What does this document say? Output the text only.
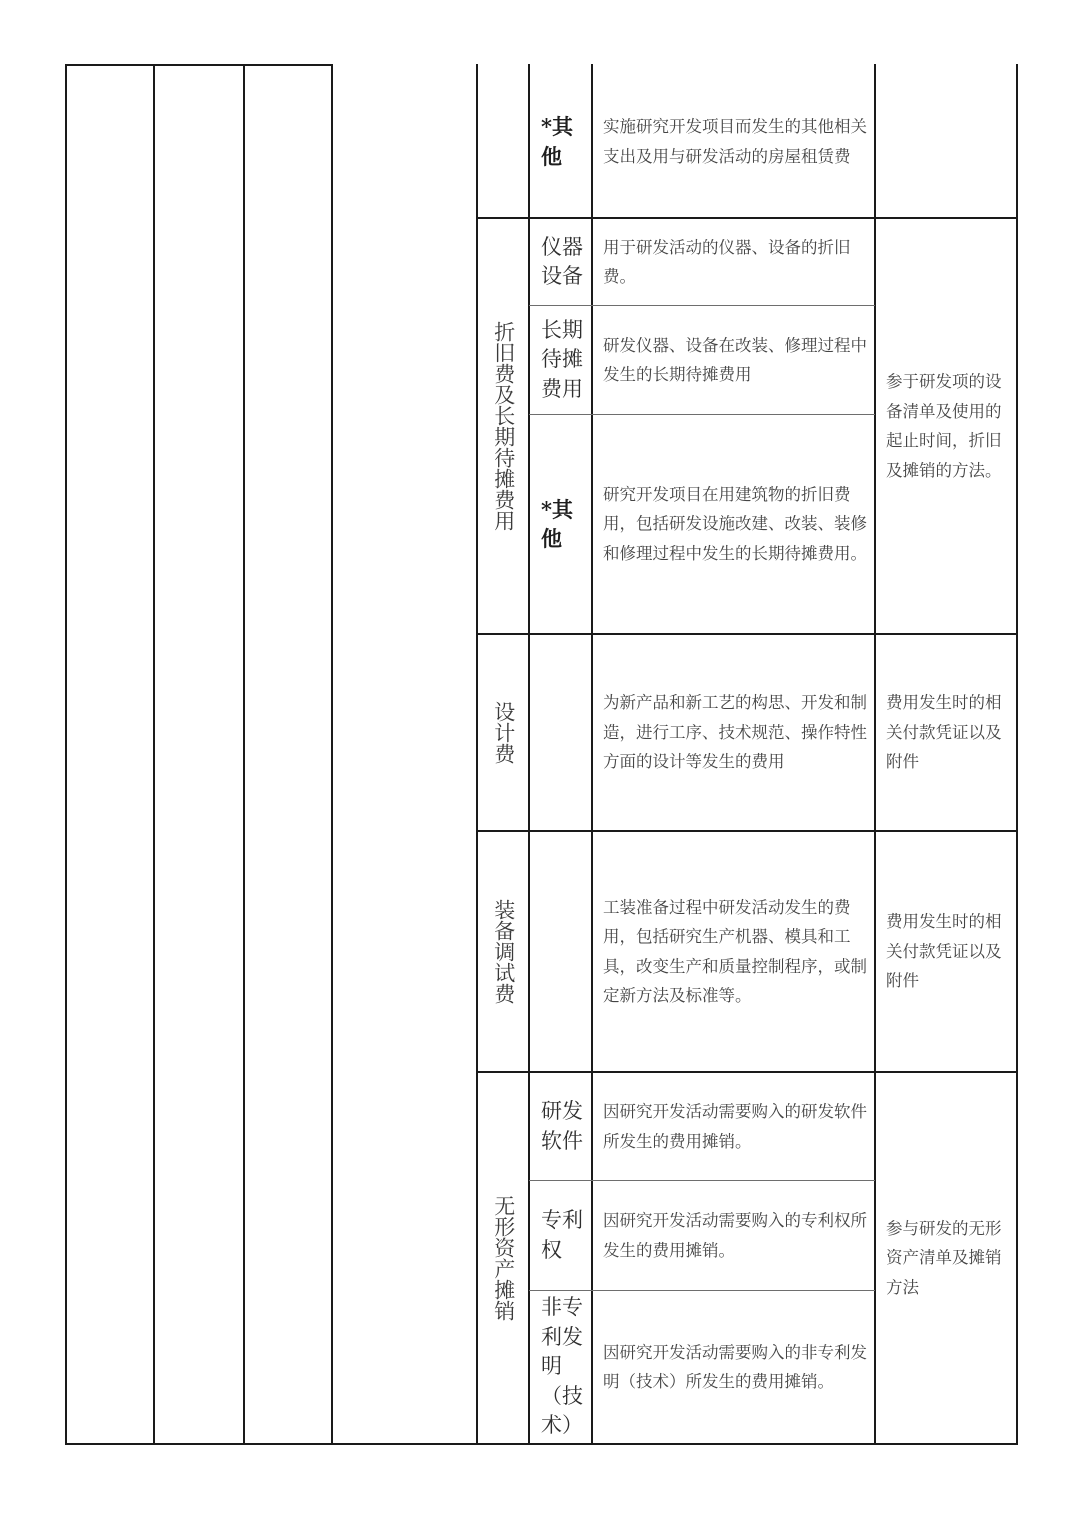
*其他
实施研究开发项目而发生的其他相关支出及用与研发活动的房屋租赁费
折旧费及长期待摊费用
仪器设备
用于研发活动的仪器、设备的折旧费。
长期待摊费用
研发仪器、设备在改装、修理过程中发生的长期待摊费用
*其他
研究开发项目在用建筑物的折旧费用，包括研发设施改建、改装、装修和修理过程中发生的长期待摊费用。
参于研发项的设备清单及使用的起止时间，折旧及摊销的方法。
设计费	为新产品和新工艺的构思、开发和制造，进行工序、技术规范、操作特性方面的设计等发生的费用
费用发生时的相关付款凭证以及附件
装备调试费	工装准备过程中研发活动发生的费用，包括研究生产机器、模具和工具，改变生产和质量控制程序，或制定新方法及标准等。
费用发生时的相关付款凭证以及附件
无形资产摊销
研发软件
因研究开发活动需要购入的研发软件所发生的费用摊销。
专利权
因研究开发活动需要购入的专利权所发生的费用摊销。
非专利发明（技术）
因研究开发活动需要购入的非专利发明（技术）所发生的费用摊销。
参与研发的无形资产清单及摊销方法
